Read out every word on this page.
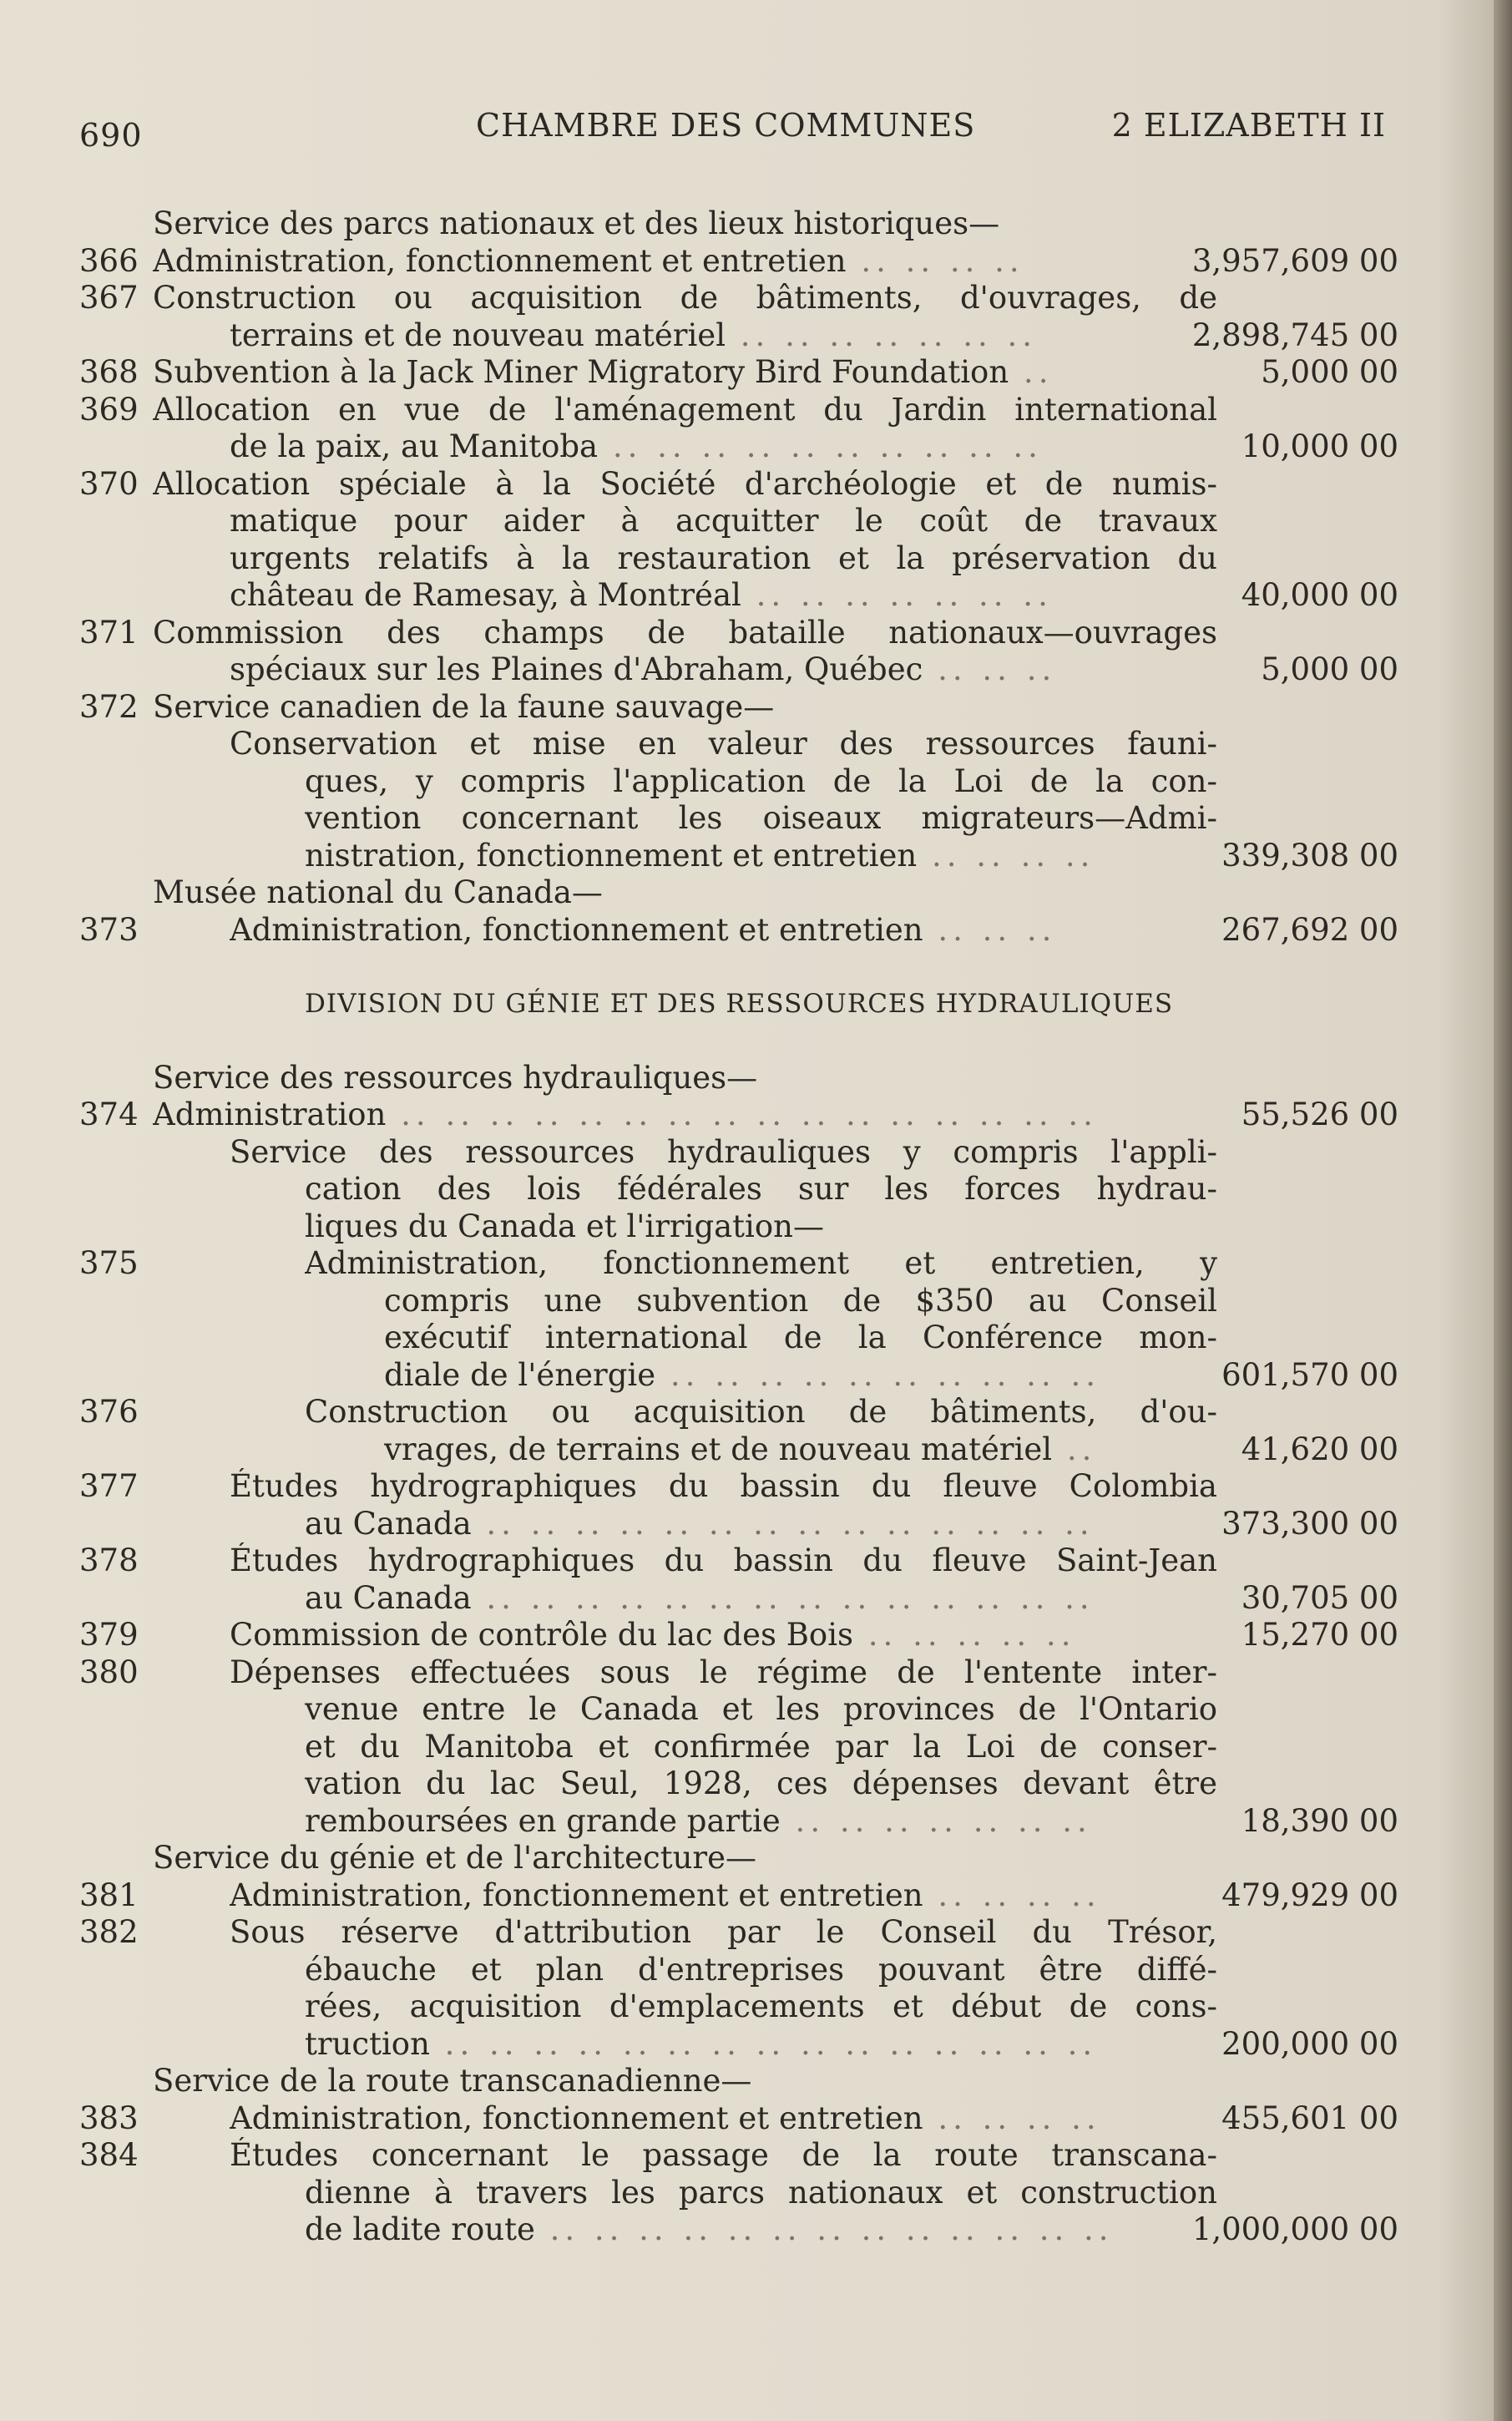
690	CHAMBRE DES COMMUNES	2 ELIZABETH II
Service des parcs nationaux et des lieux historiques—
366 Administration, fonctionnement et entretien .. .. .. ..	3,957,609 00
367 Construction ou acquisition de bâtiments, d'ouvrages, de
terrains et de nouveau matériel .. .. .. .. .. .. ..	2,898,745 00
368 Subvention à la Jack Miner Migratory Bird Foundation ..	5,000 00
369 Allocation en vue de l'aménagement du Jardin international
de la paix, au Manitoba .. .. .. .. .. .. .. .. .. ..	10,000 00
370 Allocation spéciale à la Société d'archéologie et de numis-
matique pour aider à acquitter le coût de travaux
urgents relatifs à la restauration et la préservation du
château de Ramesay, à Montréal .. .. .. .. .. .. ..	40,000 00
371 Commission des champs de bataille nationaux—ouvrages
spéciaux sur les Plaines d'Abraham, Québec .. .. ..	5,000 00
372 Service canadien de la faune sauvage—
Conservation et mise en valeur des ressources fauni-
ques, y compris l'application de la Loi de la con-
vention concernant les oiseaux migrateurs—Admi-
nistration, fonctionnement et entretien .. .. .. ..	339,308 00
Musée national du Canada—
373	Administration, fonctionnement et entretien .. .. ..	267,692 00
DIVISION DU GÉNIE ET DES RESSOURCES HYDRAULIQUES
Service des ressources hydrauliques—
374 Administration .. .. .. .. .. .. .. .. .. .. .. .. .. .. .. ..	55,526 00
Service des ressources hydrauliques y compris l'appli-
cation des lois fédérales sur les forces hydrau-
liques du Canada et l'irrigation—
375	Administration, fonctionnement et entretien, y
compris une subvention de $350 au Conseil
exécutif international de la Conférence mon-
diale de l'énergie .. .. .. .. .. .. .. .. .. ..	601,570 00
376	Construction ou acquisition de bâtiments, d'ou-
vrages, de terrains et de nouveau matériel ..	41,620 00
377	Études hydrographiques du bassin du fleuve Colombia
au Canada .. .. .. .. .. .. .. .. .. .. .. .. .. ..	373,300 00
378	Études hydrographiques du bassin du fleuve Saint-Jean
au Canada .. .. .. .. .. .. .. .. .. .. .. .. .. ..	30,705 00
379	Commission de contrôle du lac des Bois .. .. .. .. ..	15,270 00
380	Dépenses effectuées sous le régime de l'entente inter-
venue entre le Canada et les provinces de l'Ontario
et du Manitoba et confirmée par la Loi de conser-
vation du lac Seul, 1928, ces dépenses devant être
remboursées en grande partie .. .. .. .. .. .. ..	18,390 00
Service du génie et de l'architecture—
381	Administration, fonctionnement et entretien .. .. .. ..	479,929 00
382	Sous réserve d'attribution par le Conseil du Trésor,
ébauche et plan d'entreprises pouvant être diffé-
rées, acquisition d'emplacements et début de cons-
truction .. .. .. .. .. .. .. .. .. .. .. .. .. .. ..	200,000 00
Service de la route transcanadienne—
383	Administration, fonctionnement et entretien .. .. .. ..	455,601 00
384	Études concernant le passage de la route transcana-
dienne à travers les parcs nationaux et construction
de ladite route .. .. .. .. .. .. .. .. .. .. .. .. ..	1,000,000 00
